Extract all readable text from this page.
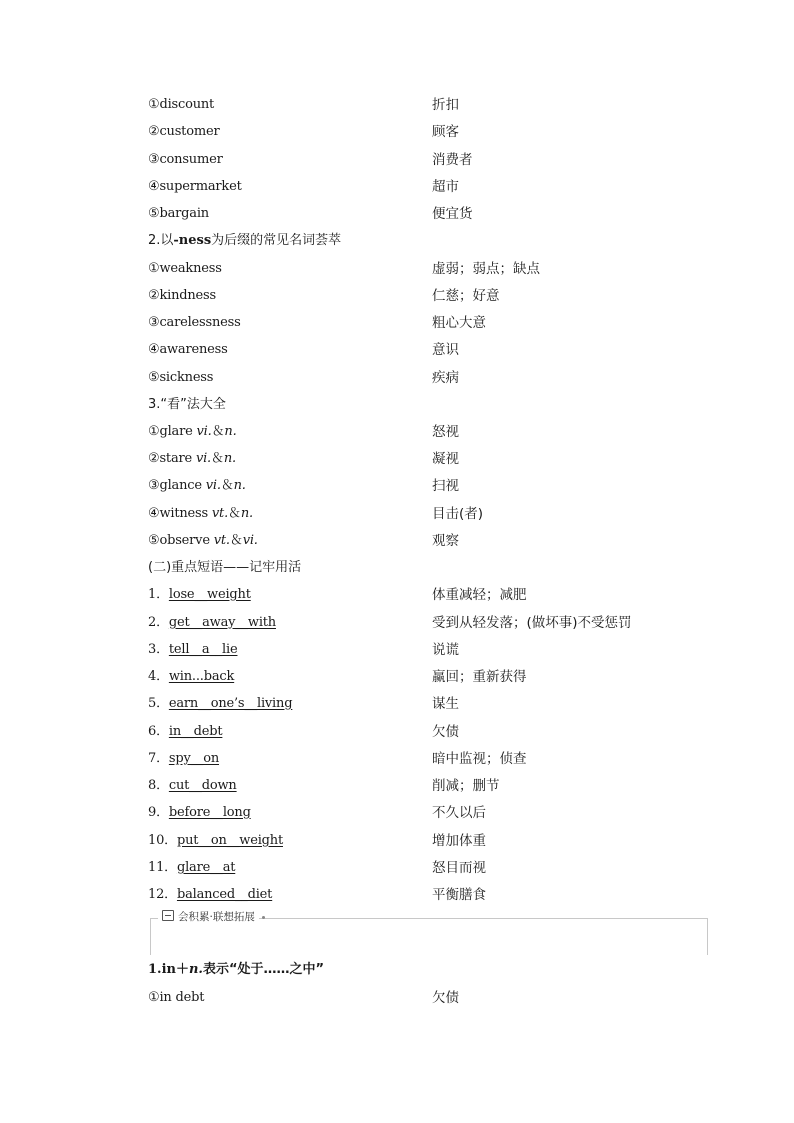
①discount	折扣
②customer	顾客
③consumer	消费者
④supermarket	超市
⑤bargain	便宜货
2.以-ness为后缀的常见名词荟萃
①weakness	虚弱；弱点；缺点
②kindness	仁慈；好意
③carelessness	粗心大意
④awareness	意识
⑤sickness	疾病
3.“看”法大全
①glare vi.＆n.	怒视
②stare vi.＆n.	凝视
③glance vi.＆n.	扫视
④witness vt.＆n.	目击(者)
⑤observe vt.＆vi.	观察
(二)重点短语——记牢用活
1．lose__weight	体重减轻；减肥
2．get__away__with	受到从轻发落；(做坏事)不受惩罚
3．tell__a__lie	说谎
4．win...back	赢回；重新获得
5．earn__one’s__living	谋生
6．in__debt	欠债
7．spy__on	暗中监视；侦查
8．cut__down	削减；删节
9．before__long	不久以后
10．put__on__weight	增加体重
11．glare__at	怒目而视
12．balanced__diet	平衡膳食
会积累·联想拓展
1.in＋n.表示“处于……之中”
①in debt	欠债
